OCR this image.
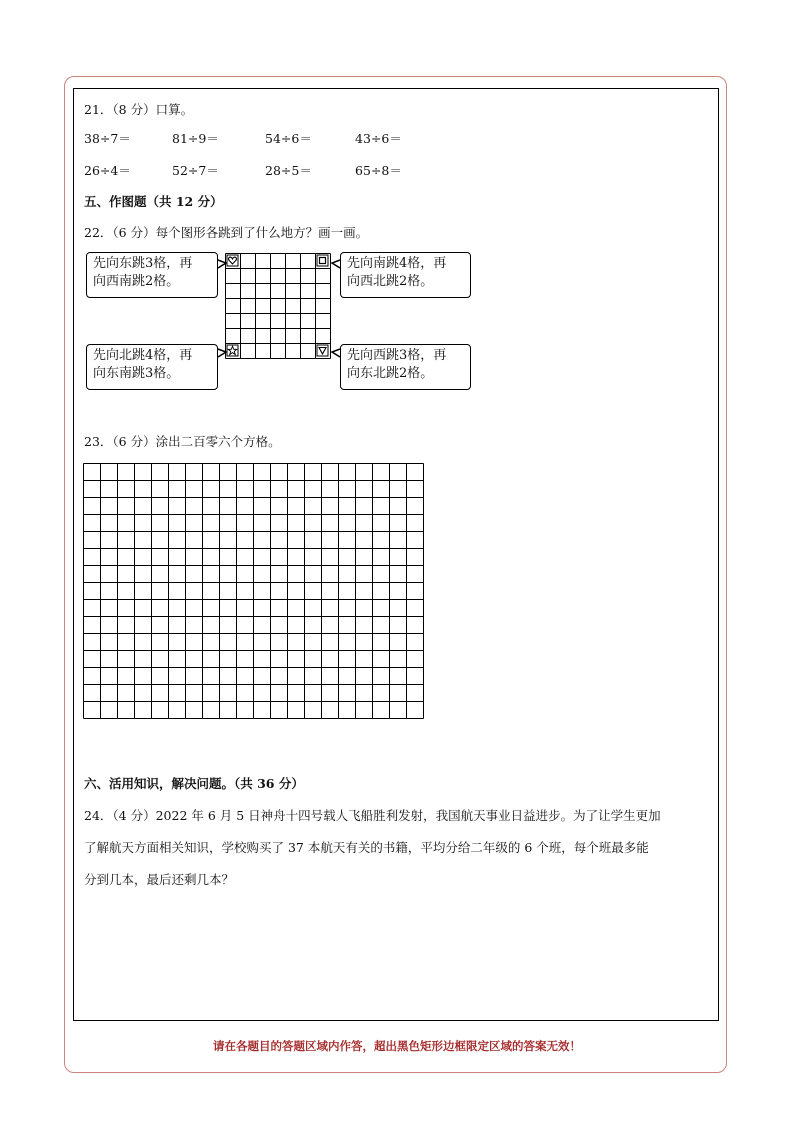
21．（8 分）口算。
38÷7＝	81÷9＝	54÷6＝	43÷6＝
26÷4＝	52÷7＝	28÷5＝	65÷8＝
五、作图题（共 12 分）
22．（6 分）每个图形各跳到了什么地方？画一画。
先向东跳3格，再
向西南跳2格。
先向南跳4格，再
向西北跳2格。
先向北跳4格，再
向东南跳3格。
先向西跳3格，再
向东北跳2格。
23．（6 分）涂出二百零六个方格。
六、活用知识，解决问题。（共 36 分）
24．（4 分）2022 年 6 月 5 日神舟十四号载人飞船胜利发射，我国航天事业日益进步。为了让学生更加
了解航天方面相关知识，学校购买了 37 本航天有关的书籍，平均分给二年级的 6 个班，每个班最多能
分到几本，最后还剩几本？
请在各题目的答题区域内作答，超出黑色矩形边框限定区域的答案无效！
